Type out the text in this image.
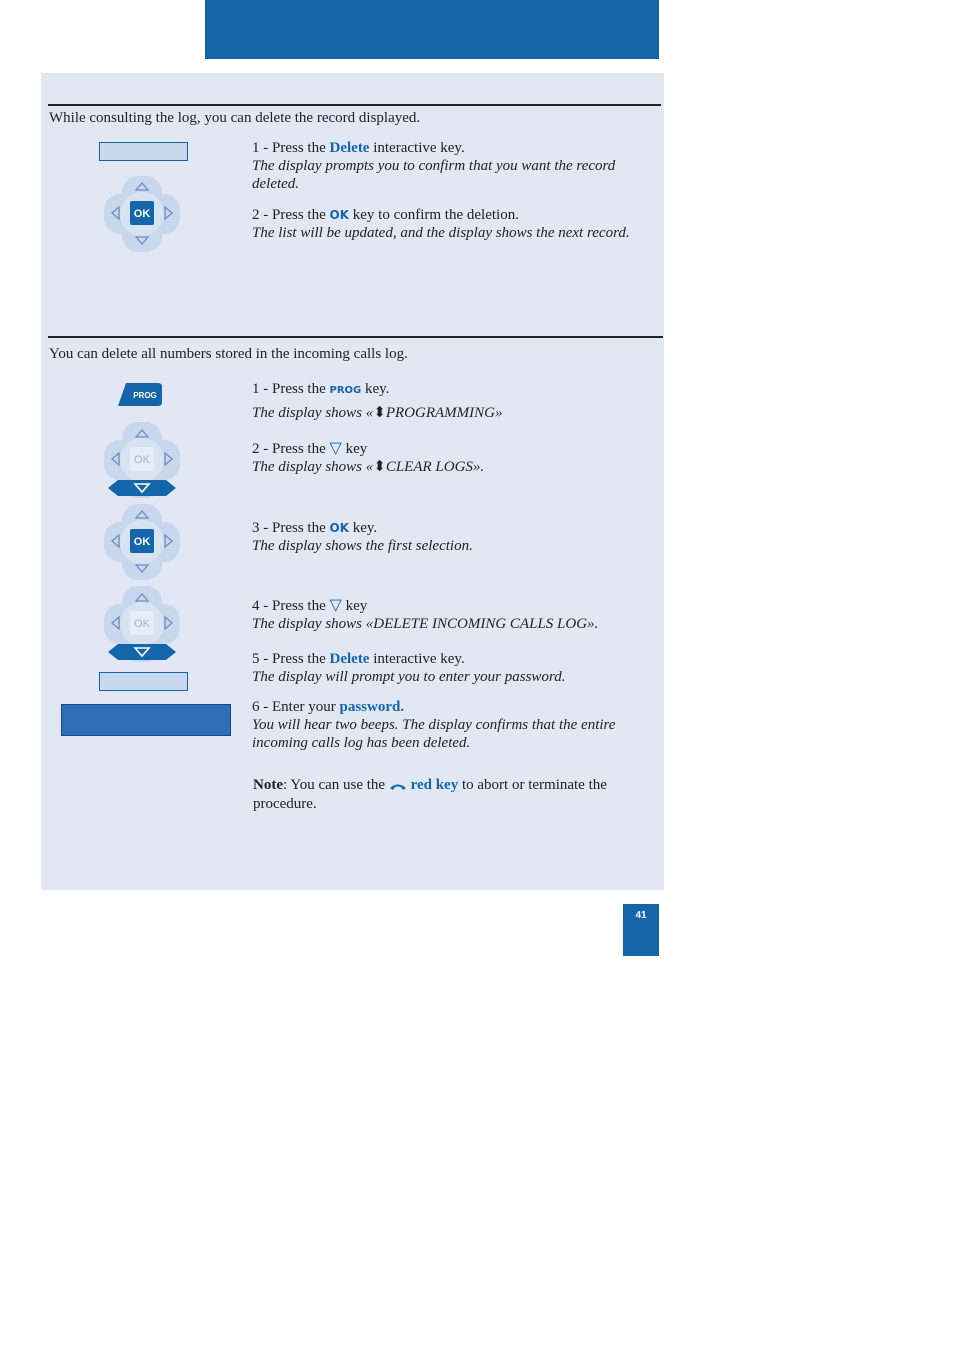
While consulting the log, you can delete the record displayed.
OK
1 - Press the Delete interactive key.
The display prompts you to confirm that you want the record deleted.
2 - Press the OK key to confirm the deletion.
The list will be updated, and the display shows the next record.
You can delete all numbers stored in the incoming calls log.
PROG
OK
OK
OK
1 - Press the PROG key.
The display shows «⬍PROGRAMMING»
2 - Press the ▽ key
The display shows «⬍CLEAR LOGS».
3 - Press the OK key.
The display shows the first selection.
4 - Press the ▽ key
The display shows «DELETE INCOMING CALLS LOG».
5 - Press the Delete interactive key.
The display will prompt you to enter your password.
6 - Enter your password.
You will hear two beeps. The display confirms that the entire incoming calls log has been deleted.
Note: You can use the  red key to abort or terminate the procedure.
41
